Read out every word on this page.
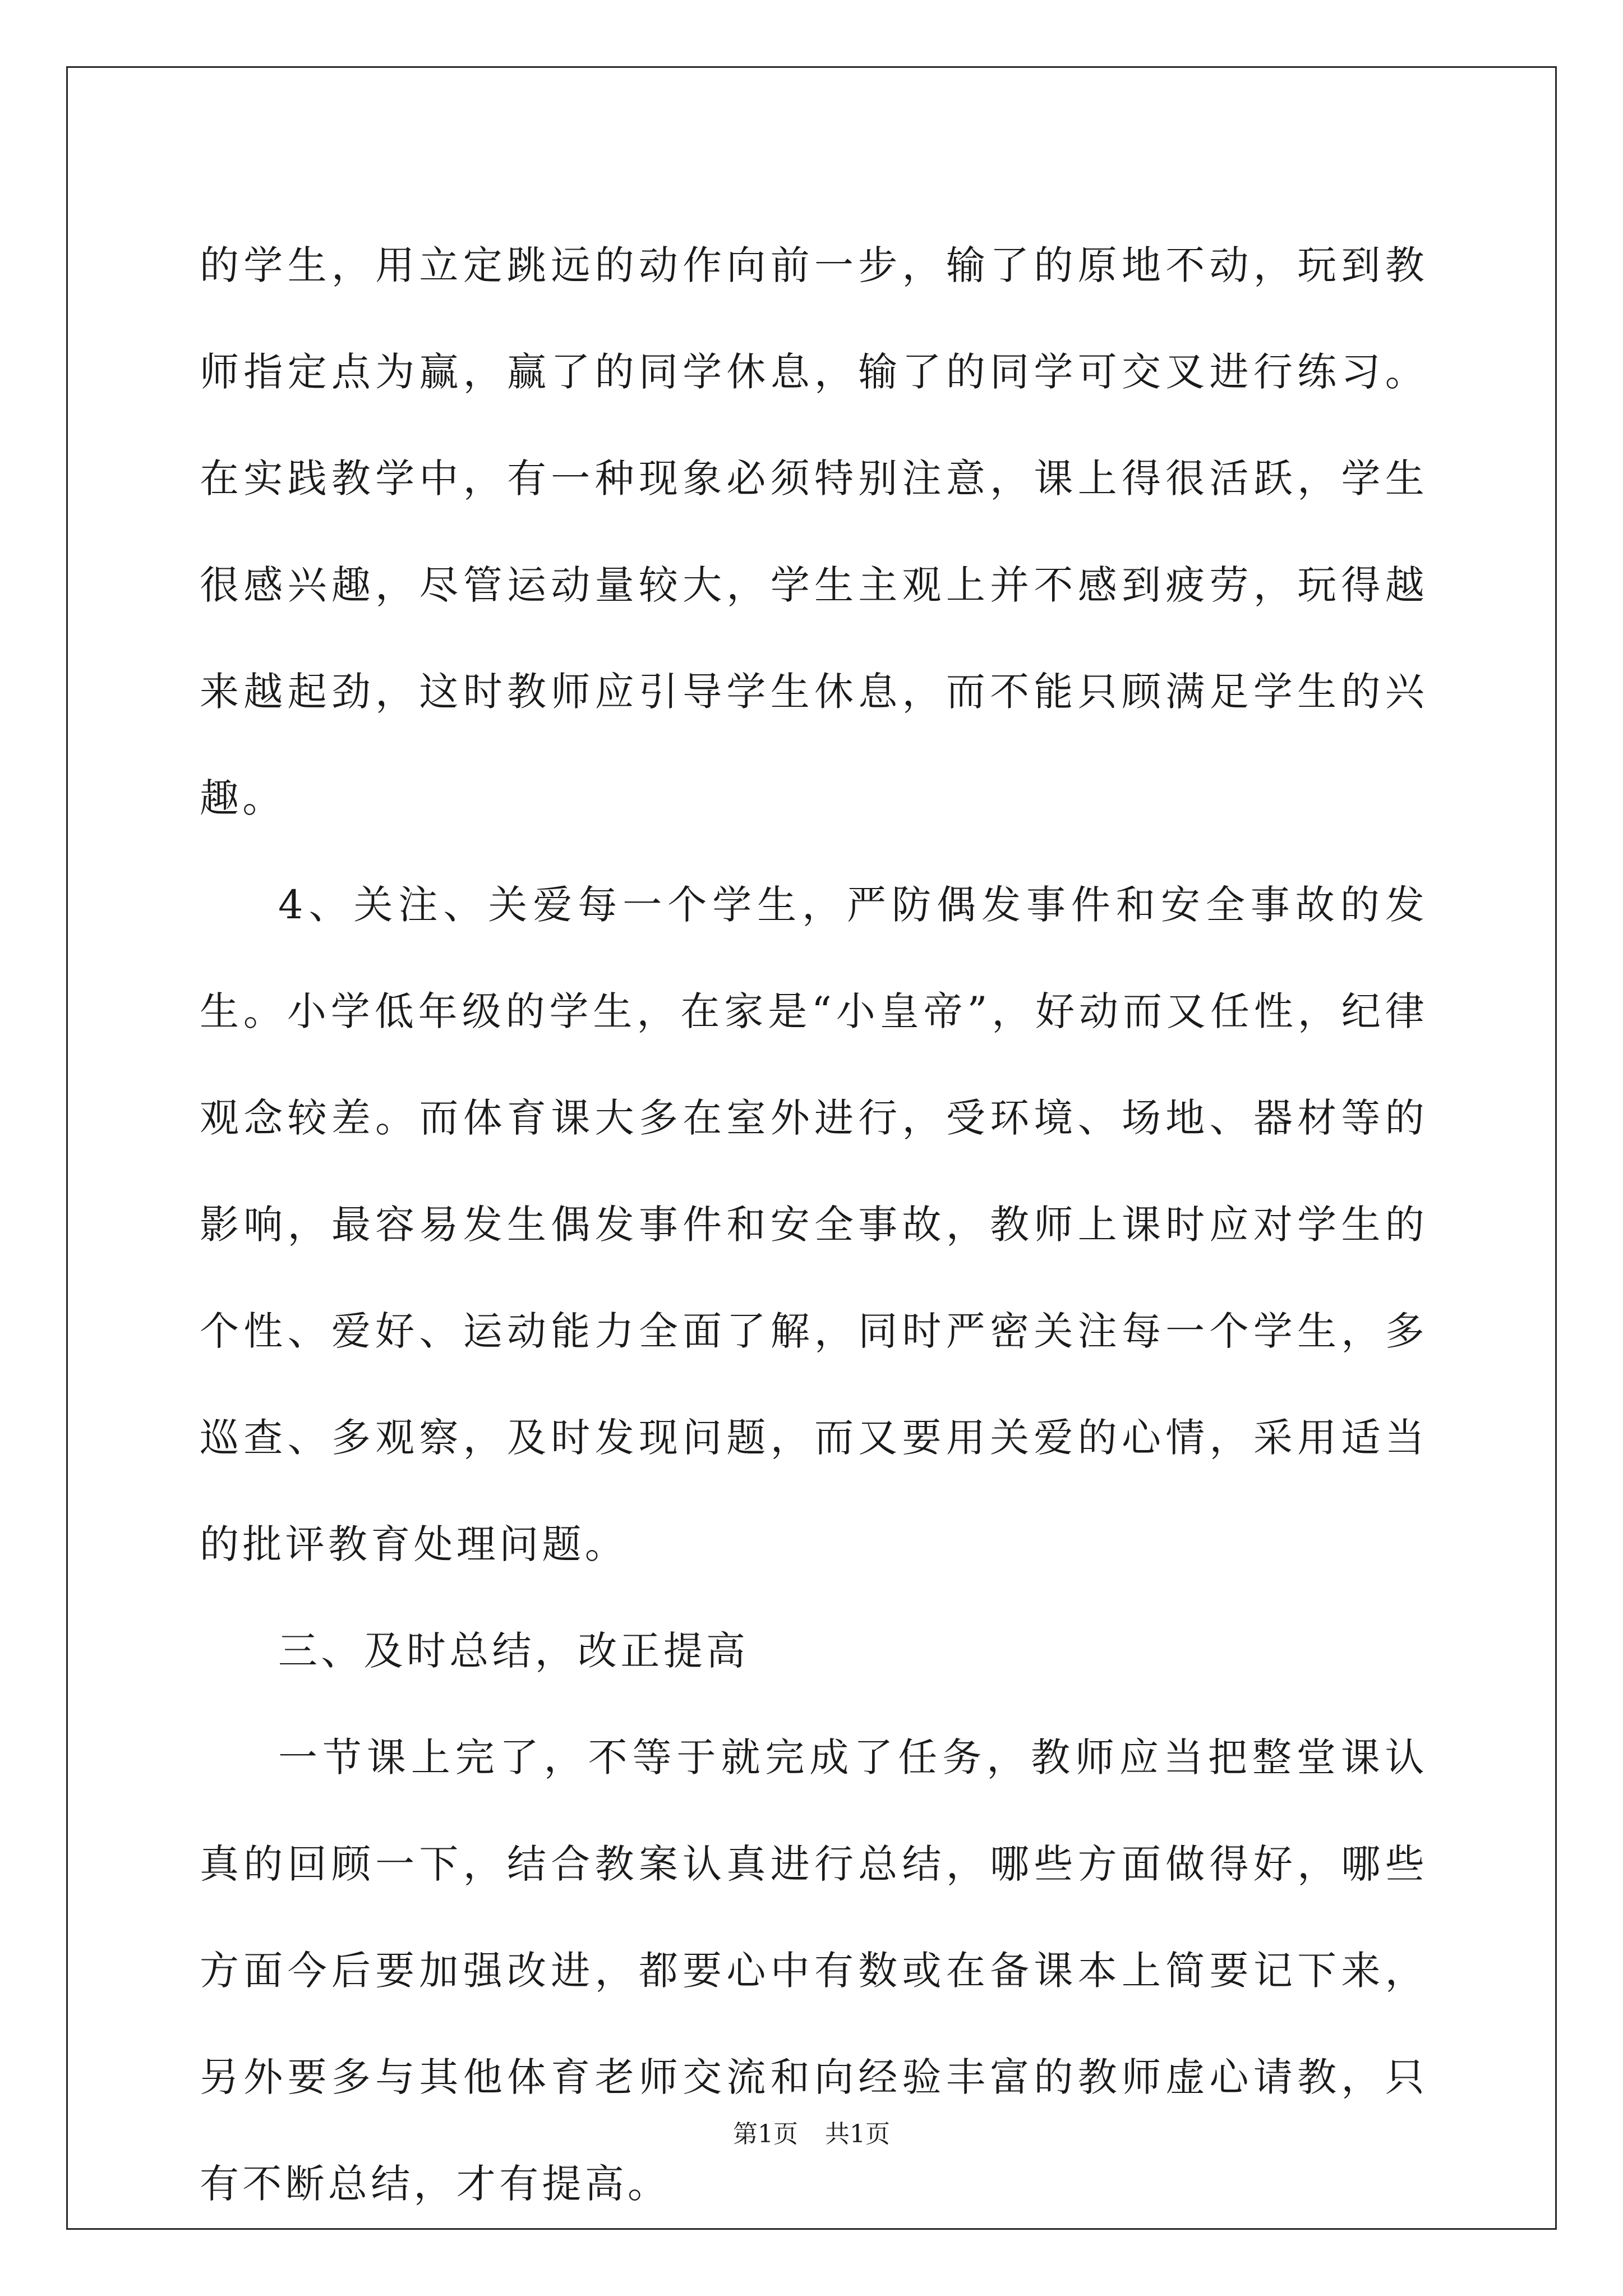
的学生，用立定跳远的动作向前一步，输了的原地不动，玩到教师指定点为赢，赢了的同学休息，输了的同学可交叉进行练习。在实践教学中，有一种现象必须特别注意，课上得很活跃，学生很感兴趣，尽管运动量较大，学生主观上并不感到疲劳，玩得越来越起劲，这时教师应引导学生休息，而不能只顾满足学生的兴趣。

4、关注、关爱每一个学生，严防偶发事件和安全事故的发生。小学低年级的学生，在家是“小皇帝”，好动而又任性，纪律观念较差。而体育课大多在室外进行，受环境、场地、器材等的影响，最容易发生偶发事件和安全事故，教师上课时应对学生的个性、爱好、运动能力全面了解，同时严密关注每一个学生，多巡查、多观察，及时发现问题，而又要用关爱的心情，采用适当的批评教育处理问题。

三、及时总结，改正提高

一节课上完了，不等于就完成了任务，教师应当把整堂课认真的回顾一下，结合教案认真进行总结，哪些方面做得好，哪些方面今后要加强改进，都要心中有数或在备课本上简要记下来，另外要多与其他体育老师交流和向经验丰富的教师虚心请教，只有不断总结，才有提高。

第1页 共1页
